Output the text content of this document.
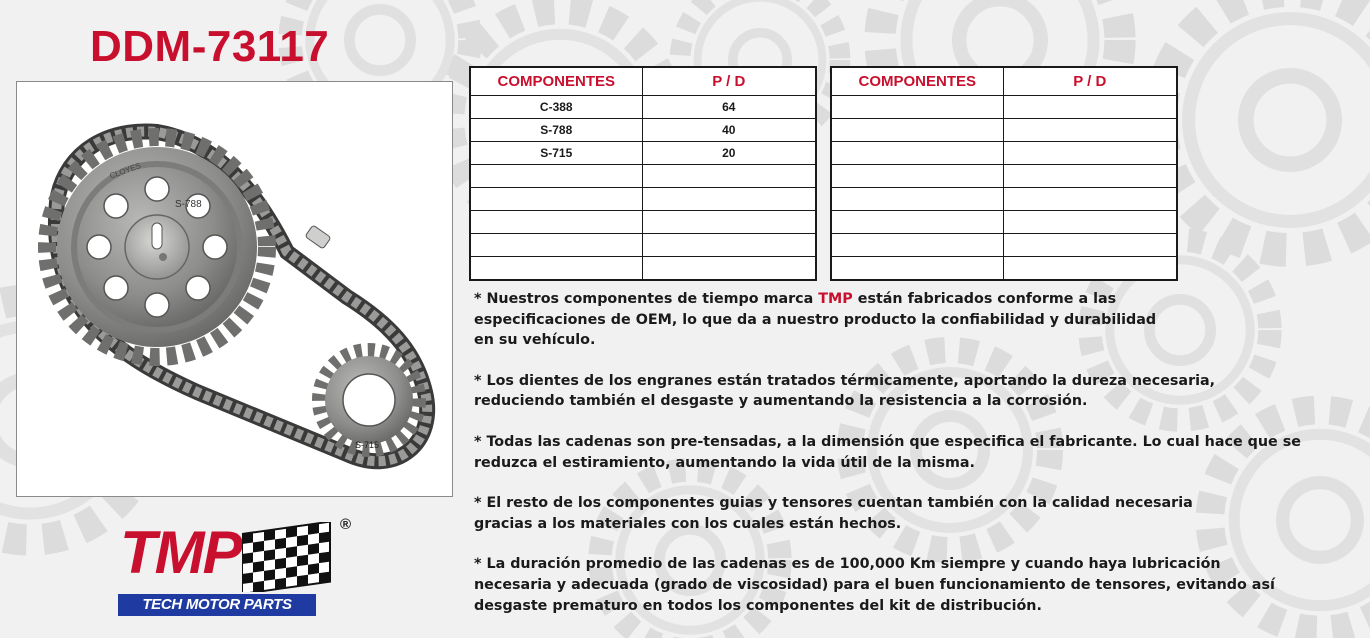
DDM-73117
S-788
CLOYES
S-715
COMPONENTES	P / D
C-388	64
S-788	40
S-715	20

COMPONENTES	P / D

* Nuestros componentes de tiempo marca TMP están fabricados conforme a las
especificaciones de OEM, lo que da a nuestro producto la confiabilidad y durabilidad
en su vehículo.

* Los dientes de los engranes están tratados térmicamente, aportando la dureza necesaria,
reduciendo también el desgaste y aumentando la resistencia a la corrosión.

* Todas las cadenas son pre-tensadas, a la dimensión que especifica el fabricante. Lo cual hace que se
reduzca el estiramiento, aumentando la vida útil de la misma.

* El resto de los componentes guias y tensores cuentan también con la calidad necesaria
gracias a los materiales con los cuales están hechos.

* La duración promedio de las cadenas es de 100,000 Km siempre y cuando haya lubricación
necesaria y adecuada (grado de viscosidad) para el buen funcionamiento de tensores, evitando así
desgaste prematuro en todos los componentes del kit de distribución.

TMP	®
TECH MOTOR PARTS
